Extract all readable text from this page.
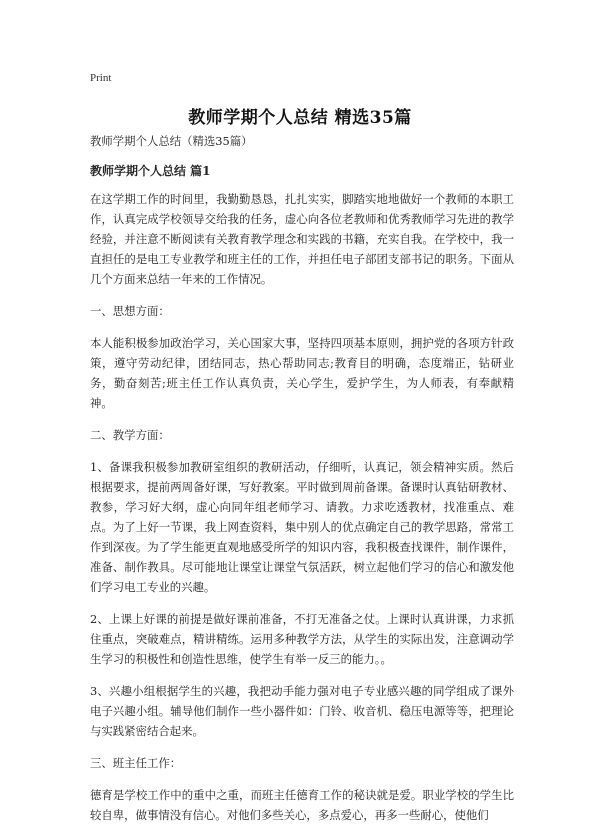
Print
教师学期个人总结 精选35篇

教师学期个人总结（精选35篇）

教师学期个人总结 篇1

在这学期工作的时间里，我勤勤恳恳，扎扎实实，脚踏实地地做好一个教师的本职工作，认真完成学校领导交给我的任务，虚心向各位老教师和优秀教师学习先进的教学经验，并注意不断阅读有关教育教学理念和实践的书籍，充实自我。在学校中，我一直担任的是电工专业教学和班主任的工作，并担任电子部团支部书记的职务。下面从几个方面来总结一年来的工作情况。

一、思想方面：

本人能积极参加政治学习，关心国家大事，坚持四项基本原则，拥护党的各项方针政策，遵守劳动纪律，团结同志，热心帮助同志;教育目的明确，态度端正，钻研业务，勤奋刻苦;班主任工作认真负责，关心学生，爱护学生，为人师表，有奉献精神。

二、教学方面：

1、备课我积极参加教研室组织的教研活动，仔细听，认真记，领会精神实质。然后根据要求，提前两周备好课，写好教案。平时做到周前备课。备课时认真钻研教材、教参，学习好大纲，虚心向同年组老师学习、请教。力求吃透教材，找准重点、难点。为了上好一节课，我上网查资料，集中别人的优点确定自己的教学思路，常常工作到深夜。为了学生能更直观地感受所学的知识内容，我积极查找课件，制作课件，准备、制作教具。尽可能地让课堂让课堂气氛活跃，树立起他们学习的信心和激发他们学习电工专业的兴趣。

2、上课上好课的前提是做好课前准备，不打无准备之仗。上课时认真讲课，力求抓住重点，突破难点，精讲精练。运用多种教学方法，从学生的实际出发，注意调动学生学习的积极性和创造性思维，使学生有举一反三的能力。。

3、兴趣小组根据学生的兴趣，我把动手能力强对电子专业感兴趣的同学组成了课外电子兴趣小组。辅导他们制作一些小器件如：门铃、收音机、稳压电源等等，把理论与实践紧密结合起来。

三、班主任工作：

德育是学校工作中的重中之重，而班主任德育工作的秘诀就是爱。职业学校的学生比较自卑，做事情没有信心。对他们多些关心，多点爱心，再多一些耐心，使他们
